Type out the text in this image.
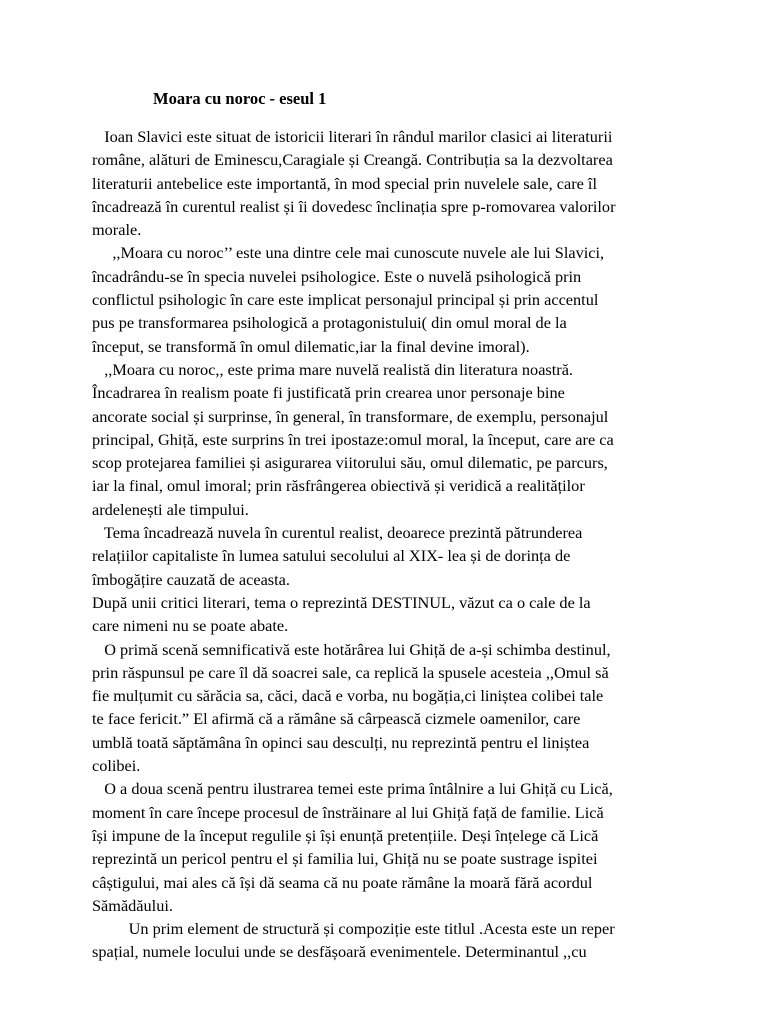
Moara cu noroc - eseul 1
Ioan Slavici este situat de istoricii literari în rândul marilor clasici ai literaturii
române, alături de Eminescu,Caragiale și Creangă. Contribuția sa la dezvoltarea
literaturii antebelice este importantă, în mod special prin nuvelele sale, care îl
încadrează în curentul realist și îi dovedesc înclinația spre p-romovarea valorilor
morale.
,,Moara cu noroc’’ este una dintre cele mai cunoscute nuvele ale lui Slavici,
încadrându-se în specia nuvelei psihologice. Este o nuvelă psihologică prin
conflictul psihologic în care este implicat personajul principal și prin accentul
pus pe transformarea psihologică a protagonistului( din omul moral de la
început, se transformă în omul dilematic,iar la final devine imoral).
,,Moara cu noroc,, este prima mare nuvelă realistă din literatura noastră.
Încadrarea în realism poate fi justificată prin crearea unor personaje bine
ancorate social și surprinse, în general, în transformare, de exemplu, personajul
principal, Ghiță, este surprins în trei ipostaze:omul moral, la început, care are ca
scop protejarea familiei și asigurarea viitorului său, omul dilematic, pe parcurs,
iar la final, omul imoral; prin răsfrângerea obiectivă și veridică a realităților
ardelenești ale timpului.
Tema încadrează nuvela în curentul realist, deoarece prezintă pătrunderea
relațiilor capitaliste în lumea satului secolului al XIX- lea și de dorința de
îmbogățire cauzată de aceasta.
După unii critici literari, tema o reprezintă DESTINUL, văzut ca o cale de la
care nimeni nu se poate abate.
O primă scenă semnificativă este hotărârea lui Ghiță de a-și schimba destinul,
prin răspunsul pe care îl dă soacrei sale, ca replică la spusele acesteia ,,Omul să
fie mulțumit cu sărăcia sa, căci, dacă e vorba, nu bogăția,ci liniștea colibei tale
te face fericit.” El afirmă că a rămâne să cârpească cizmele oamenilor, care
umblă toată săptămâna în opinci sau desculți, nu reprezintă pentru el liniștea
colibei.
O a doua scenă pentru ilustrarea temei este prima întâlnire a lui Ghiță cu Lică,
moment în care începe procesul de înstrăinare al lui Ghiță față de familie. Lică
își impune de la început regulile și își enunță pretențiile. Deși înțelege că Lică
reprezintă un pericol pentru el și familia lui, Ghiță nu se poate sustrage ispitei
câștigului, mai ales că își dă seama că nu poate rămâne la moară fără acordul
Sămădăului.
Un prim element de structură și compoziție este titlul .Acesta este un reper
spațial, numele locului unde se desfășoară evenimentele. Determinantul ,,cu
